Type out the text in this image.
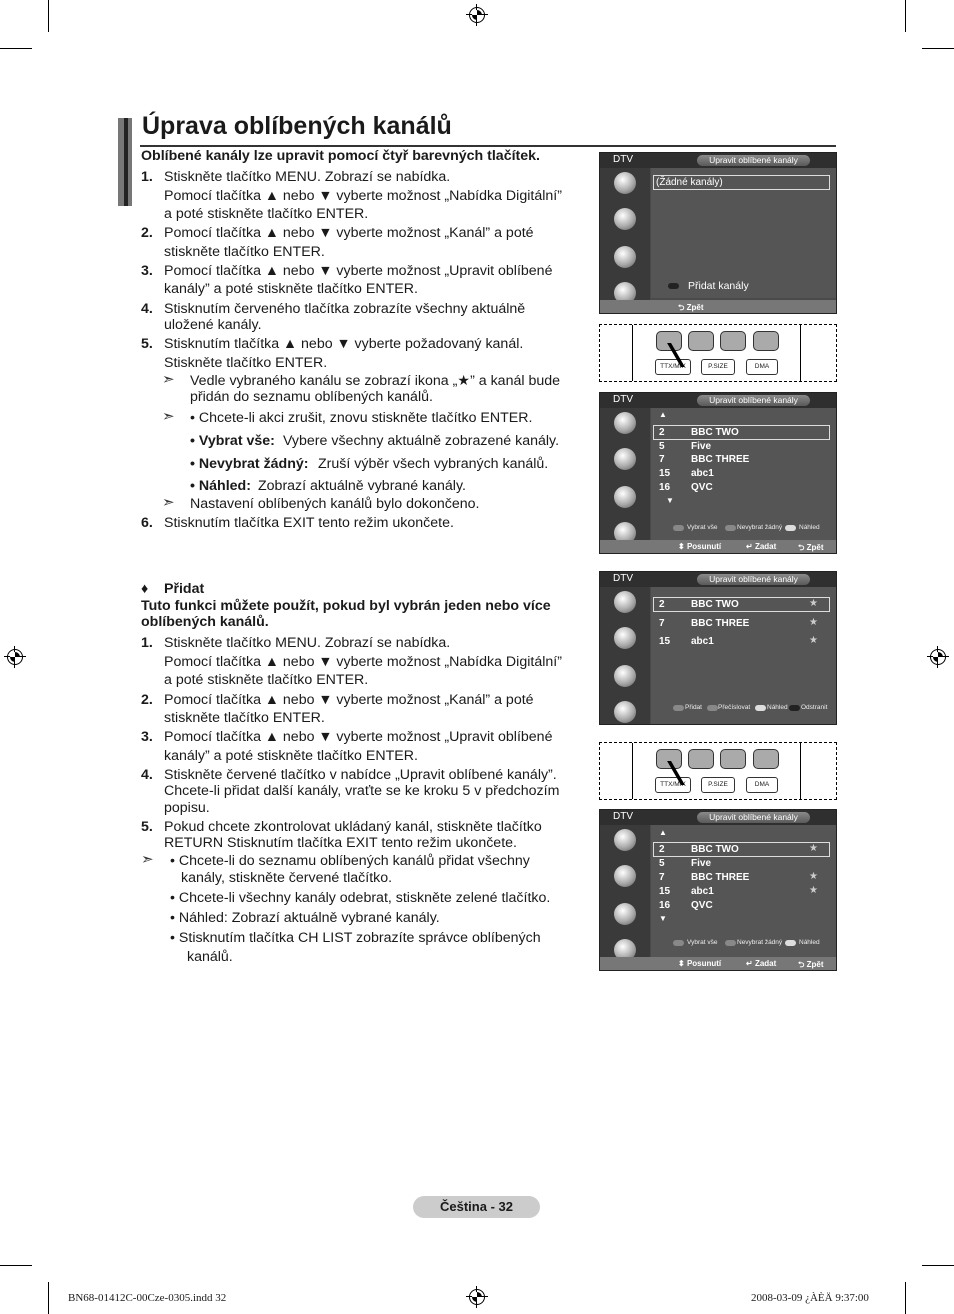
Úprava oblíbených kanálů
Oblíbené kanály lze upravit pomocí čtyř barevných tlačítek.
1. Stiskněte tlačítko MENU. Zobrazí se nabídka.
Pomocí tlačítka ▲ nebo ▼ vyberte možnost „Nabídka Digitální”
a poté stiskněte tlačítko ENTER.
2. Pomocí tlačítka ▲ nebo ▼ vyberte možnost „Kanál” a poté
stiskněte tlačítko ENTER.
3. Pomocí tlačítka ▲ nebo ▼ vyberte možnost „Upravit oblíbené
kanály” a poté stiskněte tlačítko ENTER.
4. Stisknutím červeného tlačítka zobrazíte všechny aktuálně
uložené kanály.
5. Stisknutím tlačítka ▲ nebo ▼ vyberte požadovaný kanál.
Stiskněte tlačítko ENTER.
➣ Vedle vybraného kanálu se zobrazí ikona „★” a kanál bude
přidán do seznamu oblíbených kanálů.
➣ • Chcete-li akci zrušit, znovu stiskněte tlačítko ENTER.
• Vybrat vše: Vybere všechny aktuálně zobrazené kanály.
• Nevybrat žádný: Zruší výběr všech vybraných kanálů.
• Náhled: Zobrazí aktuálně vybrané kanály.
➣ Nastavení oblíbených kanálů bylo dokončeno.
6. Stisknutím tlačítka EXIT tento režim ukončete.
♦ Přidat
Tuto funkci můžete použít, pokud byl vybrán jeden nebo více
oblíbených kanálů.
1. Stiskněte tlačítko MENU. Zobrazí se nabídka.
Pomocí tlačítka ▲ nebo ▼ vyberte možnost „Nabídka Digitální”
a poté stiskněte tlačítko ENTER.
2. Pomocí tlačítka ▲ nebo ▼ vyberte možnost „Kanál” a poté
stiskněte tlačítko ENTER.
3. Pomocí tlačítka ▲ nebo ▼ vyberte možnost „Upravit oblíbené
kanály” a poté stiskněte tlačítko ENTER.
4. Stiskněte červené tlačítko v nabídce „Upravit oblíbené kanály”.
Chcete-li přidat další kanály, vraťte se ke kroku 5 v předchozím
popisu.
5. Pokud chcete zkontrolovat ukládaný kanál, stiskněte tlačítko
RETURN Stisknutím tlačítka EXIT tento režim ukončete.
➣ • Chcete-li do seznamu oblíbených kanálů přidat všechny
kanály, stiskněte červené tlačítko.
• Chcete-li všechny kanály odebrat, stiskněte zelené tlačítko.
• Náhled: Zobrazí aktuálně vybrané kanály.
• Stisknutím tlačítka CH LIST zobrazíte správce oblíbených
kanálů.
DTV	Upravit oblíbené kanály
(Žádné kanály)
Přidat kanály
⮌ Zpět
TTX/MIX	P.SIZE	DMA
DTV	Upravit oblíbené kanály
▲
2	BBC TWO
5	Five
7	BBC THREE
15 abc1
16 QVC
▼
Vybrat vše	Nevybrat žádný	Náhled
⬍ Posunutí	↵ Zadat	⮌ Zpět
DTV	Upravit oblíbené kanály
2	BBC TWO	★
7	BBC THREE	★
15 abc1	★
Přidat Přečíslovat	Náhled Odstranit
TTX/MIX	P.SIZE	DMA
DTV	Upravit oblíbené kanály
▲
2	BBC TWO	★
5	Five
7	BBC THREE	★
15 abc1	★
16 QVC
▼
Vybrat vše	Nevybrat žádný	Náhled
⬍ Posunutí	↵ Zadat	⮌ Zpět
Čeština - 32
BN68-01412C-00Cze-0305.indd 32	2008-03-09 ¿ÀÈÄ 9:37:00
